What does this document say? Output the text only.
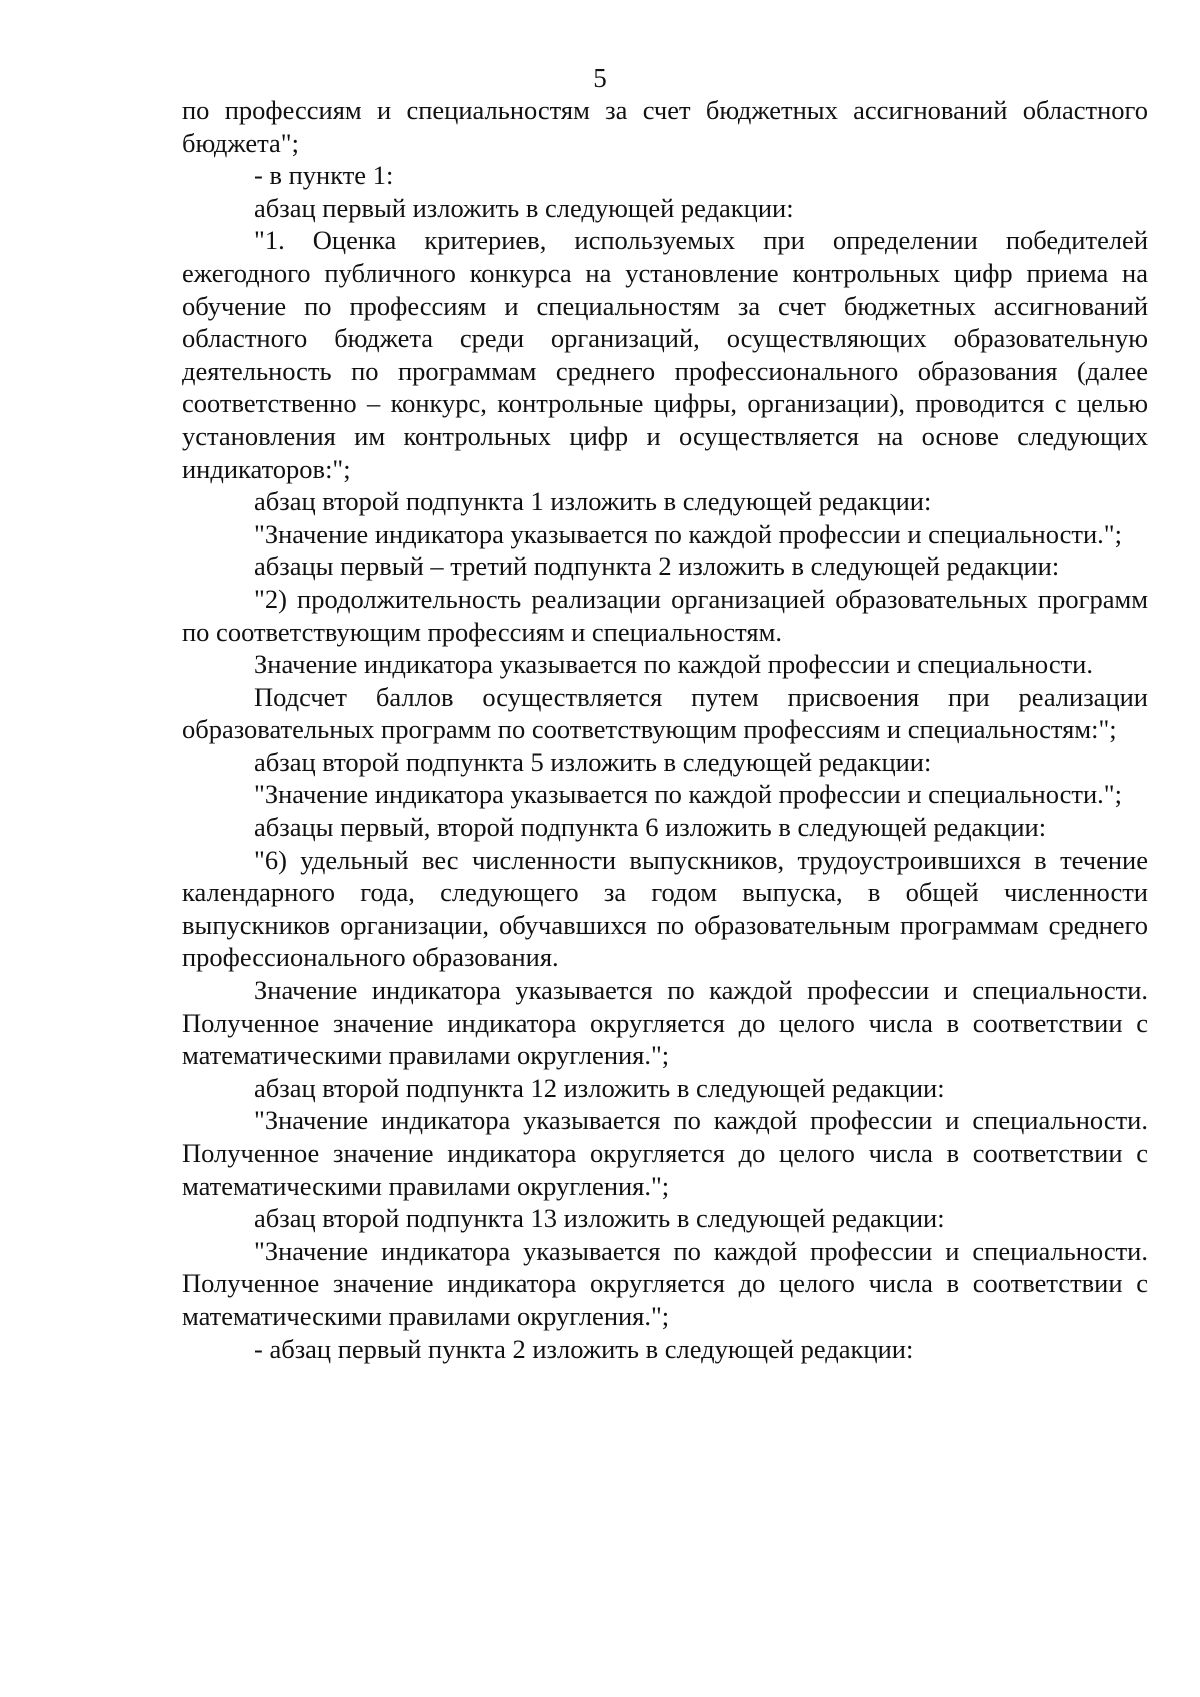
5

по профессиям и специальностям за счет бюджетных ассигнований областного бюджета";

- в пункте 1:

абзац первый изложить в следующей редакции:

"1. Оценка критериев, используемых при определении победителей ежегодного публичного конкурса на установление контрольных цифр приема на обучение по профессиям и специальностям за счет бюджетных ассигнований областного бюджета среди организаций, осуществляющих образовательную деятельность по программам среднего профессионального образования (далее соответственно – конкурс, контрольные цифры, организации), проводится с целью установления им контрольных цифр и осуществляется на основе следующих индикаторов:";

абзац второй подпункта 1 изложить в следующей редакции:

"Значение индикатора указывается по каждой профессии и специальности.";

абзацы первый – третий подпункта 2 изложить в следующей редакции:

"2) продолжительность реализации организацией образовательных программ по соответствующим профессиям и специальностям.

Значение индикатора указывается по каждой профессии и специальности.

Подсчет баллов осуществляется путем присвоения при реализации образовательных программ по соответствующим профессиям и специальностям:";

абзац второй подпункта 5 изложить в следующей редакции:

"Значение индикатора указывается по каждой профессии и специальности.";

абзацы первый, второй подпункта 6 изложить в следующей редакции:

"6) удельный вес численности выпускников, трудоустроившихся в течение календарного года, следующего за годом выпуска, в общей численности выпускников организации, обучавшихся по образовательным программам среднего профессионального образования.

Значение индикатора указывается по каждой профессии и специальности. Полученное значение индикатора округляется до целого числа в соответствии с математическими правилами округления.";

абзац второй подпункта 12 изложить в следующей редакции:

"Значение индикатора указывается по каждой профессии и специальности. Полученное значение индикатора округляется до целого числа в соответствии с математическими правилами округления.";

абзац второй подпункта 13 изложить в следующей редакции:

"Значение индикатора указывается по каждой профессии и специальности. Полученное значение индикатора округляется до целого числа в соответствии с математическими правилами округления.";

- абзац первый пункта 2 изложить в следующей редакции:
